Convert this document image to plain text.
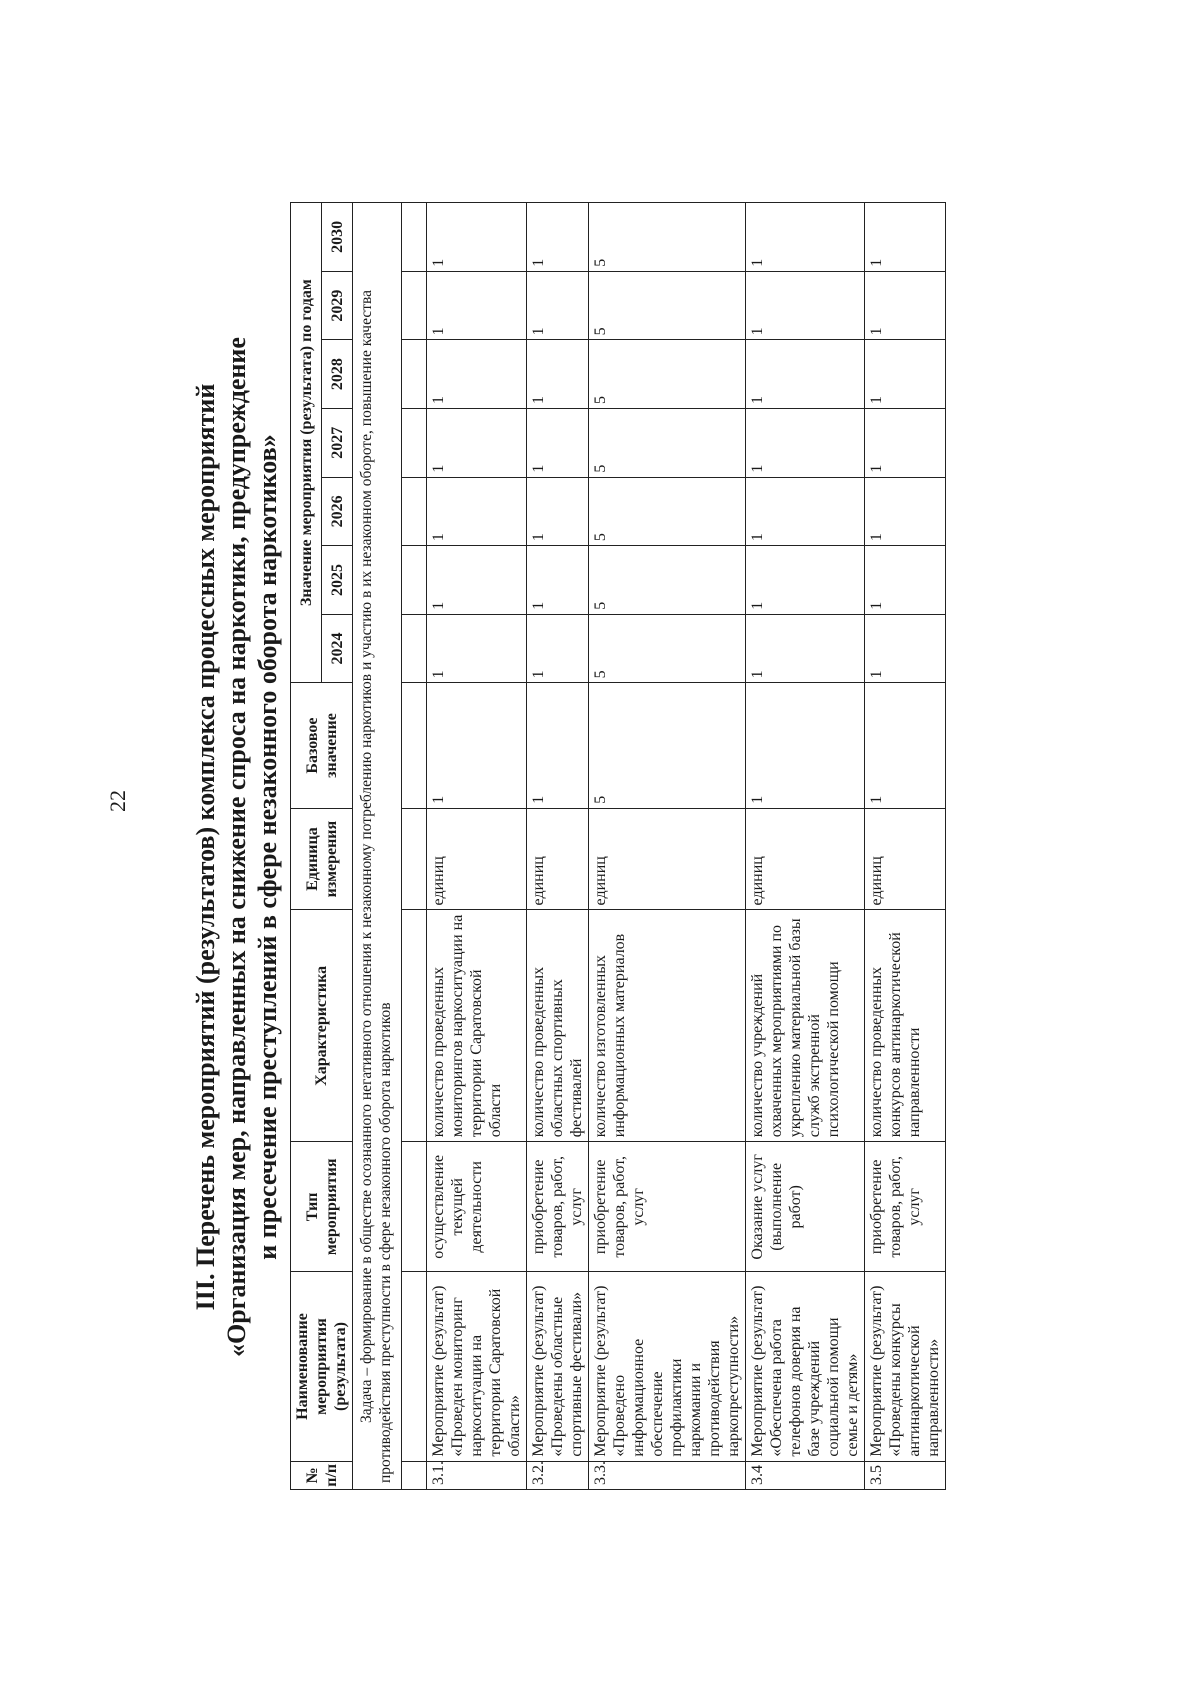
22 III. Перечень мероприятий (результатов) комплекса процессных мероприятий «Организация мер, направленных на снижение спроса на наркотики, предупреждение и пресечение преступлений в сфере незаконного оборота наркотиков»
№ п/п	Наименование мероприятия (результата)	Тип мероприятия	Характеристика	Единица измерения	Базовое значение	Значение мероприятия (результата) по годам						
						2024	2025	2026	2027	2028	2029	2030
Задача – формирование в обществе осознанного негативного отношения к незаконному потреблению наркотиков и участию в их незаконном обороте, повышение качества противодействия преступности в сфере незаконного оборота наркотиков												

3.1.	Мероприятие (результат) «Проведен мониторинг наркоситуации на территории Саратовской области»	осуществление текущей деятельности	количество проведенных мониторингов наркоситуации на территории Саратовской области	единиц	1	1	1	1	1	1	1	1
3.2.	Мероприятие (результат) «Проведены областные спортивные фестивали»	приобретение товаров, работ, услуг	количество проведенных областных спортивных фестивалей	единиц	1	1	1	1	1	1	1	1
3.3.	Мероприятие (результат) «Проведено информационное обеспечение профилактики наркомании и противодействия наркопреступности»	приобретение товаров, работ, услуг	количество изготовленных информационных материалов	единиц	5	5	5	5	5	5	5	5
3.4	Мероприятие (результат) «Обеспечена работа телефонов доверия на базе учреждений социальной помощи семье и детям»	Оказание услуг (выполнение работ)	количество учреждений охваченных мероприятиями по укреплению материальной базы служб экстренной психологической помощи	единиц	1	1	1	1	1	1	1	1
3.5	Мероприятие (результат) «Проведены конкурсы антинаркотической направленности»	приобретение товаров, работ, услуг	количество проведенных конкурсов антинаркотической направленности	единиц	1	1	1	1	1	1	1	1
